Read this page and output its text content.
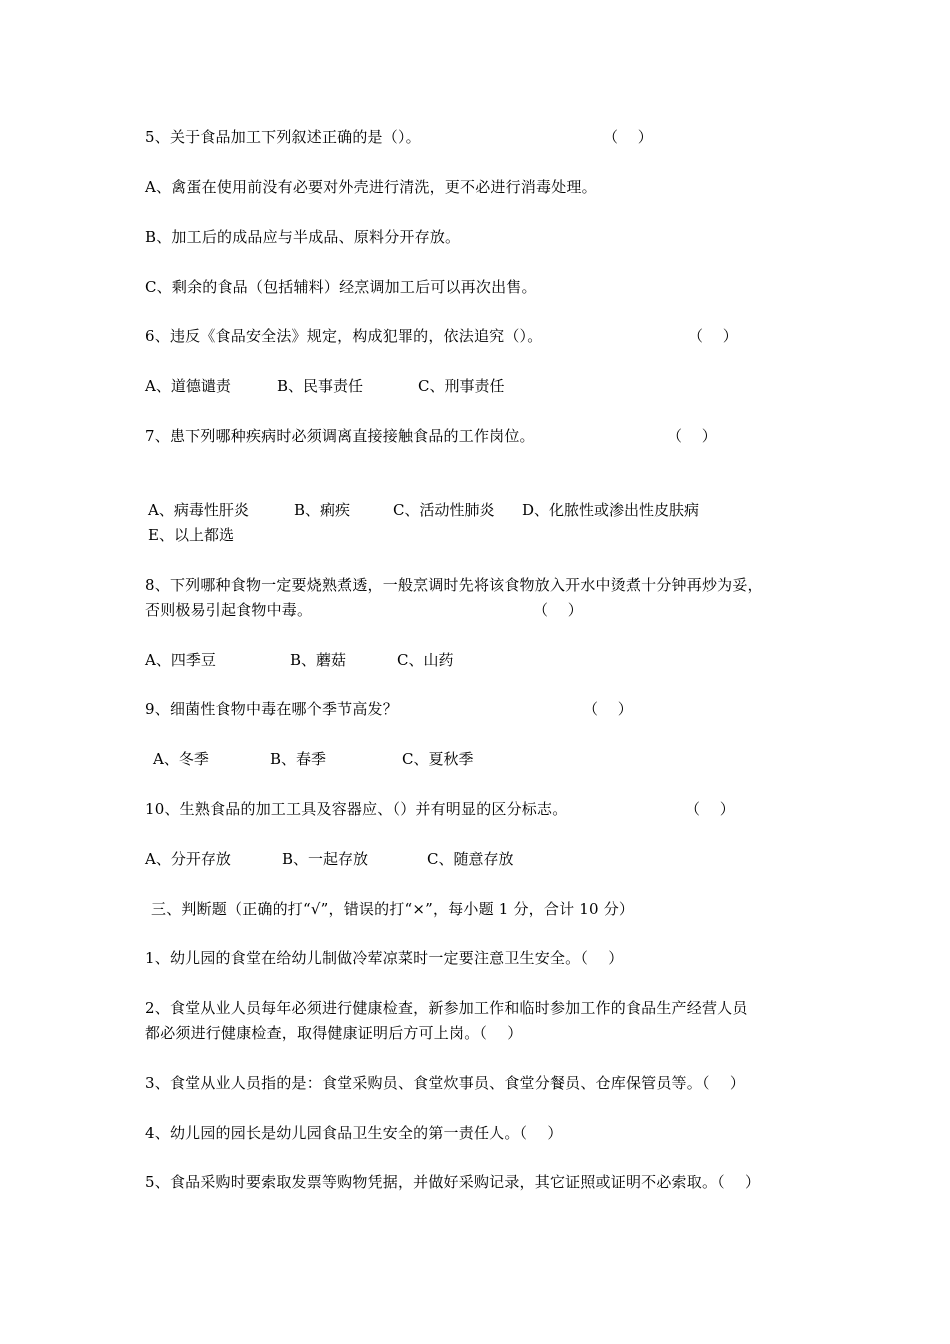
5、关于食品加工下列叙述正确的是（）。	（　 ）
A、禽蛋在使用前没有必要对外壳进行清洗，更不必进行消毒处理。
B、加工后的成品应与半成品、原料分开存放。
C、剩余的食品（包括辅料）经烹调加工后可以再次出售。
6、违反《食品安全法》规定，构成犯罪的，依法追究（）。	（　 ）
A、道德谴责	B、民事责任	C、刑事责任
7、患下列哪种疾病时必须调离直接接触食品的工作岗位。	（　 ）
A、病毒性肝炎	B、痢疾	C、活动性肺炎 D、化脓性或渗出性皮肤病
E、以上都选
8、下列哪种食物一定要烧熟煮透，一般烹调时先将该食物放入开水中烫煮十分钟再炒为妥，
否则极易引起食物中毒。	（　 ）
A、四季豆	B、蘑菇	C、山药
9、细菌性食物中毒在哪个季节高发？	（　 ）
A、冬季	B、春季	C、夏秋季
10、生熟食品的加工工具及容器应、（）并有明显的区分标志。	（　 ）
A、分开存放	B、一起存放	C、随意存放
三、判断题（正确的打“√”，错误的打“×”，每小题 1 分，合计 10 分）
1、幼儿园的食堂在给幼儿制做冷荤凉菜时一定要注意卫生安全。（　 ）
2、食堂从业人员每年必须进行健康检查，新参加工作和临时参加工作的食品生产经营人员
都必须进行健康检查，取得健康证明后方可上岗。（　 ）
3、食堂从业人员指的是：食堂采购员、食堂炊事员、食堂分餐员、仓库保管员等。（　 ）
4、幼儿园的园长是幼儿园食品卫生安全的第一责任人。（　 ）
5、食品采购时要索取发票等购物凭据，并做好采购记录，其它证照或证明不必索取。（　 ）
